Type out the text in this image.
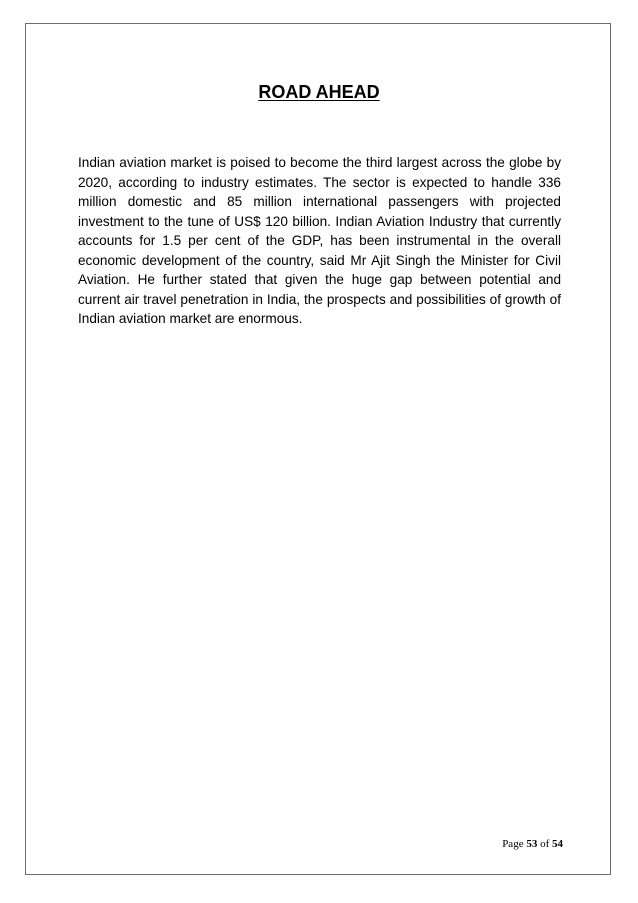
ROAD AHEAD

Indian aviation market is poised to become the third largest across the globe by 2020, according to industry estimates. The sector is expected to handle 336 million domestic and 85 million international passengers with projected investment to the tune of US$ 120 billion. Indian Aviation Industry that currently accounts for 1.5 per cent of the GDP, has been instrumental in the overall economic development of the country, said Mr Ajit Singh the Minister for Civil Aviation. He further stated that given the huge gap between potential and current air travel penetration in India, the prospects and possibilities of growth of Indian aviation market are enormous.

Page 53 of 54
